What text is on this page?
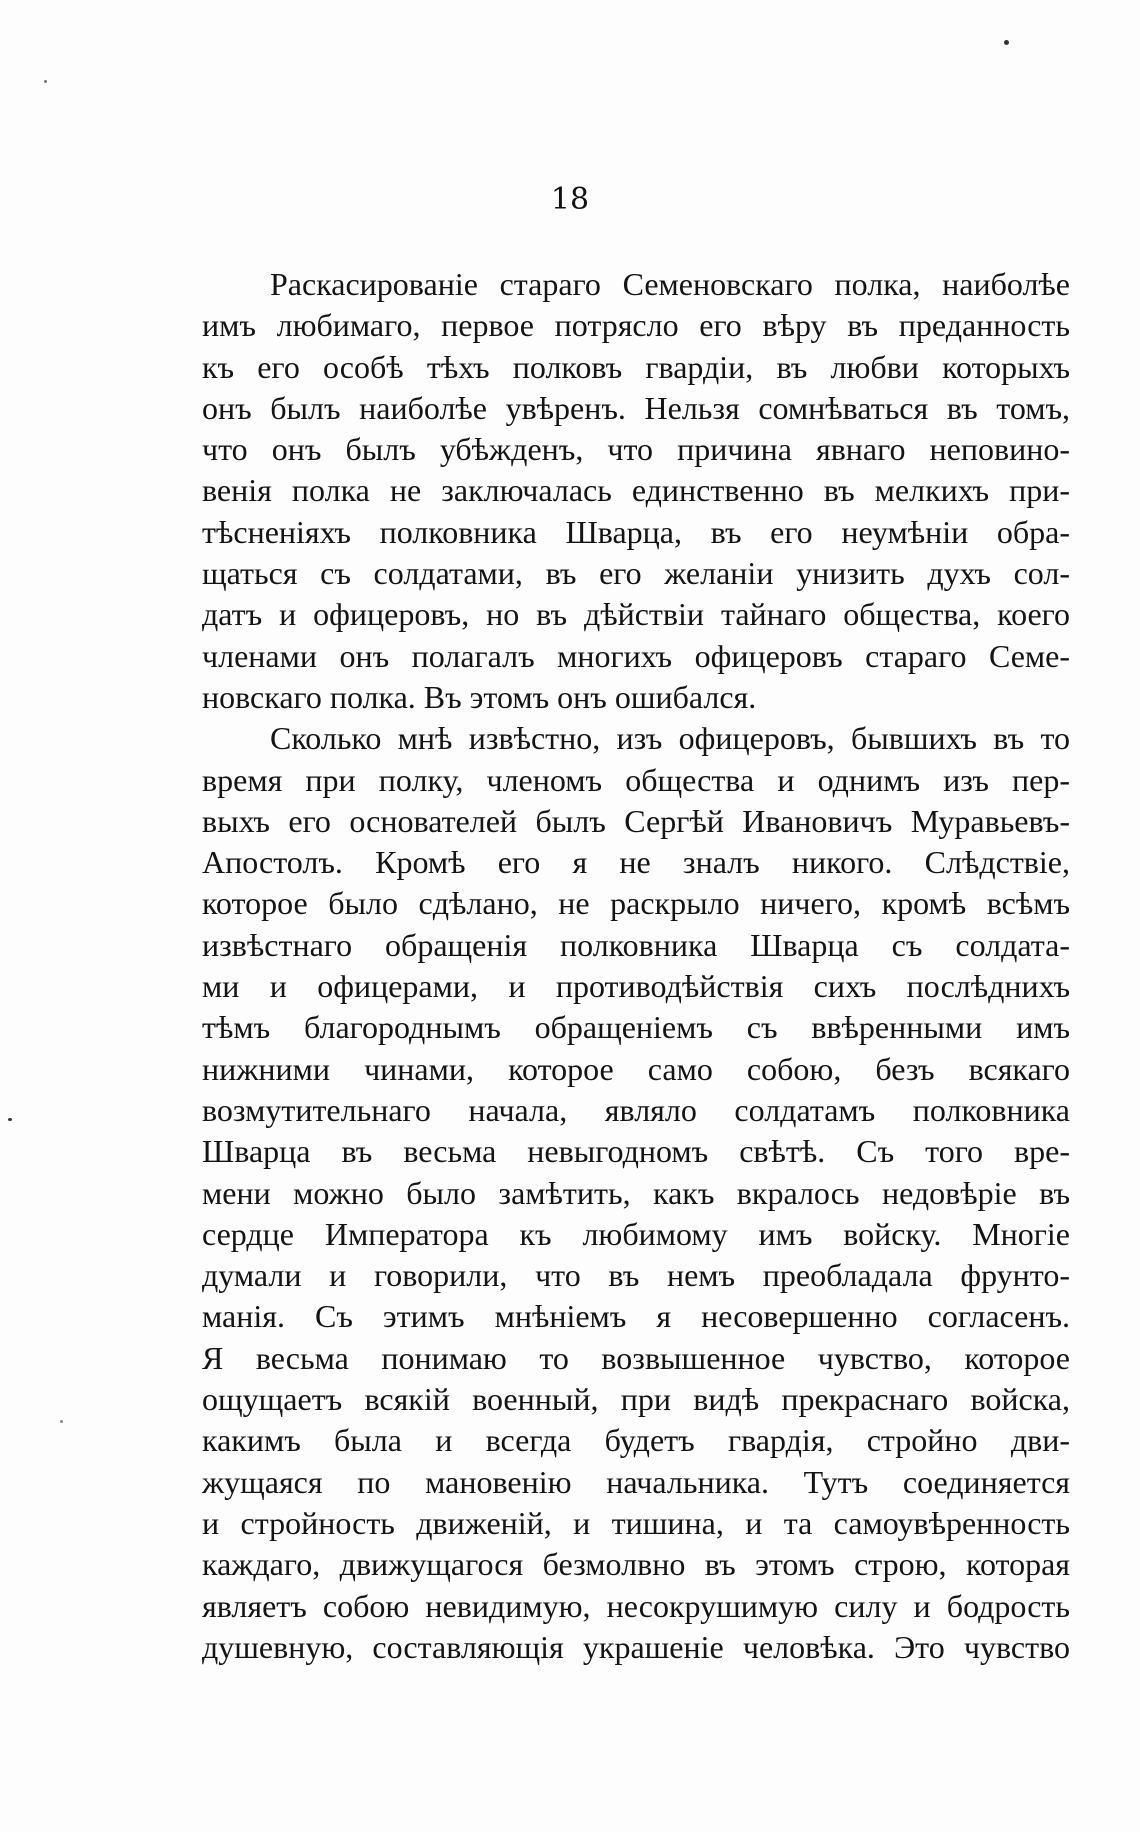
18
Раскасированіе стараго Семеновскаго полка, наиболѣе
имъ любимаго, первое потрясло его вѣру въ преданность
къ его особѣ тѣхъ полковъ гвардіи, въ любви которыхъ
онъ былъ наиболѣе увѣренъ. Нельзя сомнѣваться въ томъ,
что онъ былъ убѣжденъ, что причина явнаго неповино-
венія полка не заключалась единственно въ мелкихъ при-
тѣсненіяхъ полковника Шварца, въ его неумѣніи обра-
щаться съ солдатами, въ его желаніи унизить духъ сол-
датъ и офицеровъ, но въ дѣйствіи тайнаго общества, коего
членами онъ полагалъ многихъ офицеровъ стараго Семе-
новскаго полка. Въ этомъ онъ ошибался.
Сколько мнѣ извѣстно, изъ офицеровъ, бывшихъ въ то
время при полку, членомъ общества и однимъ изъ пер-
выхъ его основателей былъ Сергѣй Ивановичъ Муравьевъ-
Апостолъ. Кромѣ его я не зналъ никого. Слѣдствіе,
которое было сдѣлано, не раскрыло ничего, кромѣ всѣмъ
извѣстнаго обращенія полковника Шварца съ солдата-
ми и офицерами, и противодѣйствія сихъ послѣднихъ
тѣмъ благороднымъ обращеніемъ съ ввѣренными имъ
нижними чинами, которое само собою, безъ всякаго
возмутительнаго начала, являло солдатамъ полковника
Шварца въ весьма невыгодномъ свѣтѣ. Съ того вре-
мени можно было замѣтить, какъ вкралось недовѣріе въ
сердце Императора къ любимому имъ войску. Многіе
думали и говорили, что въ немъ преобладала фрунто-
манія. Съ этимъ мнѣніемъ я несовершенно согласенъ.
Я весьма понимаю то возвышенное чувство, которое
ощущаетъ всякій военный, при видѣ прекраснаго войска,
какимъ была и всегда будетъ гвардія, стройно дви-
жущаяся по мановенію начальника. Тутъ соединяется
и стройность движеній, и тишина, и та самоувѣренность
каждаго, движущагося безмолвно въ этомъ строю, которая
являетъ собою невидимую, несокрушимую силу и бодрость
душевную, составляющія украшеніе человѣка. Это чувство
